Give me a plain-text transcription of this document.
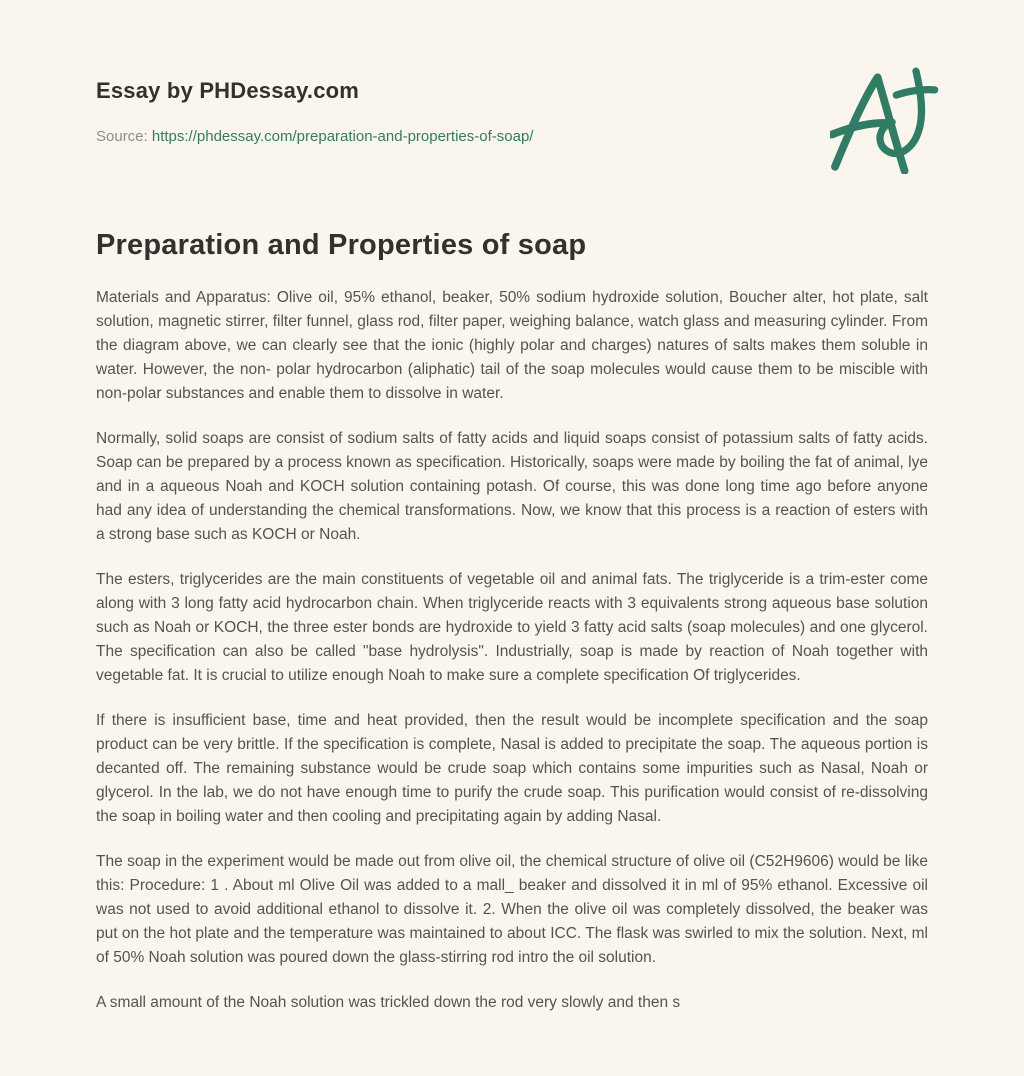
Essay by PHDessay.com

Source: https://phdessay.com/preparation-and-properties-of-soap/

Preparation and Properties of soap

Materials and Apparatus: Olive oil, 95% ethanol, beaker, 50% sodium hydroxide solution, Boucher alter, hot plate, salt solution, magnetic stirrer, filter funnel, glass rod, filter paper, weighing balance, watch glass and measuring cylinder. From the diagram above, we can clearly see that the ionic (highly polar and charges) natures of salts makes them soluble in water. However, the non- polar hydrocarbon (aliphatic) tail of the soap molecules would cause them to be miscible with non-polar substances and enable them to dissolve in water.

Normally, solid soaps are consist of sodium salts of fatty acids and liquid soaps consist of potassium salts of fatty acids. Soap can be prepared by a process known as specification. Historically, soaps were made by boiling the fat of animal, lye and in a aqueous Noah and KOCH solution containing potash. Of course, this was done long time ago before anyone had any idea of understanding the chemical transformations. Now, we know that this process is a reaction of esters with a strong base such as KOCH or Noah.

The esters, triglycerides are the main constituents of vegetable oil and animal fats. The triglyceride is a trim-ester come along with 3 long fatty acid hydrocarbon chain. When triglyceride reacts with 3 equivalents strong aqueous base solution such as Noah or KOCH, the three ester bonds are hydroxide to yield 3 fatty acid salts (soap molecules) and one glycerol. The specification can also be called "base hydrolysis". Industrially, soap is made by reaction of Noah together with vegetable fat. It is crucial to utilize enough Noah to make sure a complete specification Of triglycerides.

If there is insufficient base, time and heat provided, then the result would be incomplete specification and the soap product can be very brittle. If the specification is complete, Nasal is added to precipitate the soap. The aqueous portion is decanted off. The remaining substance would be crude soap which contains some impurities such as Nasal, Noah or glycerol. In the lab, we do not have enough time to purify the crude soap. This purification would consist of re-dissolving the soap in boiling water and then cooling and precipitating again by adding Nasal.

The soap in the experiment would be made out from olive oil, the chemical structure of olive oil (C52H9606) would be like this: Procedure: 1 . About ml Olive Oil was added to a mall_ beaker and dissolved it in ml of 95% ethanol. Excessive oil was not used to avoid additional ethanol to dissolve it. 2. When the olive oil was completely dissolved, the beaker was put on the hot plate and the temperature was maintained to about ICC. The flask was swirled to mix the solution. Next, ml of 50% Noah solution was poured down the glass-stirring rod intro the oil solution.

A small amount of the Noah solution was trickled down the rod very slowly and then s
